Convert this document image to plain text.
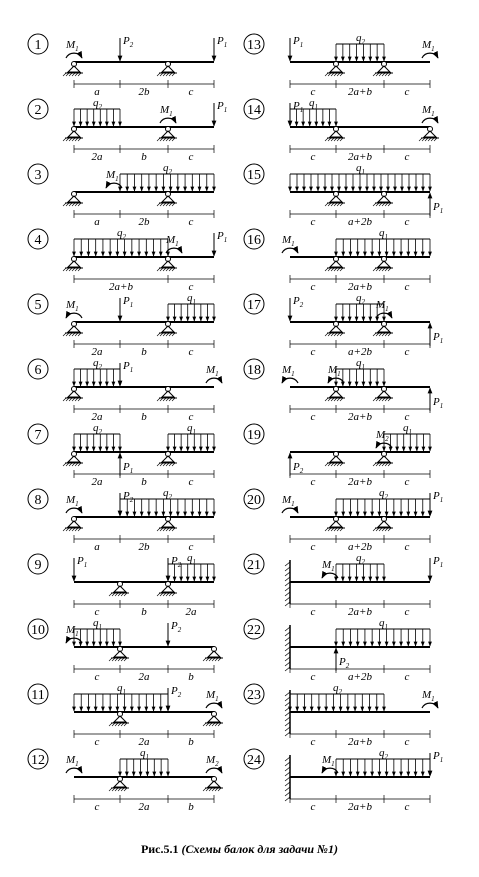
1 $M_1$
$P_2$	$P_1$
a	2b	c
2	$q_2$	$M_1$
$P_1$
2a	b	c
3	$q_2$
$M_1$
a	2b	c
4	$q_2$	$M_1$
$P_1$
2a+b	c
5	$q_1$
$M_1$
$P_1$
2a	b	c
6	$q_2$ $P_1$	$M_1$
2a	b	c
7	$q_2$	$q_1$
$P_1$
2a	b	c
8	$q_2$
$M_1$
$P_2$
a	2b	c
9	$q_1$
$P_1$	$P_2$
c	b	2a
10	$q_1$
$M_1$
$P_2$
c	2a	b
11	$q_1$	$P_2$ $M_1$
c	2a	b
12	$q_1$
$M_1$	$M_2$
c	2a	b
13	$q_2$
$P_1$	$M_1$
c	2a+b	c
14	$q_1$
$P_1$	$M_1$
c	2a+b	c
15	$q_1$
$P_1$
c	a+2b	c
16	$q_1$
$M_1$
c	2a+b	c
17	$q_2$
$P_2$	$M_1$
$P_1$
c	a+2b	c
18	$q_1$
$M_1$	$M_1$
$P_1$
c	2a+b	c
19	$q_1$
$P_2$
$M_2$
c	2a+b	c
20	$q_2$
$M_1$
$P_1$
c	a+2b	c
21	$q_2$
$M_1$
$P_1$
c	2a+b	c
22	$q_1$
$P_2$
c	a+2b	c
23	$q_2$	$M_1$
c	2a+b	c
24	$q_2$
$M_1$
$P_1$
c	2a+b	c
Рис.5.1 (Схемы балок для задачи №1)
